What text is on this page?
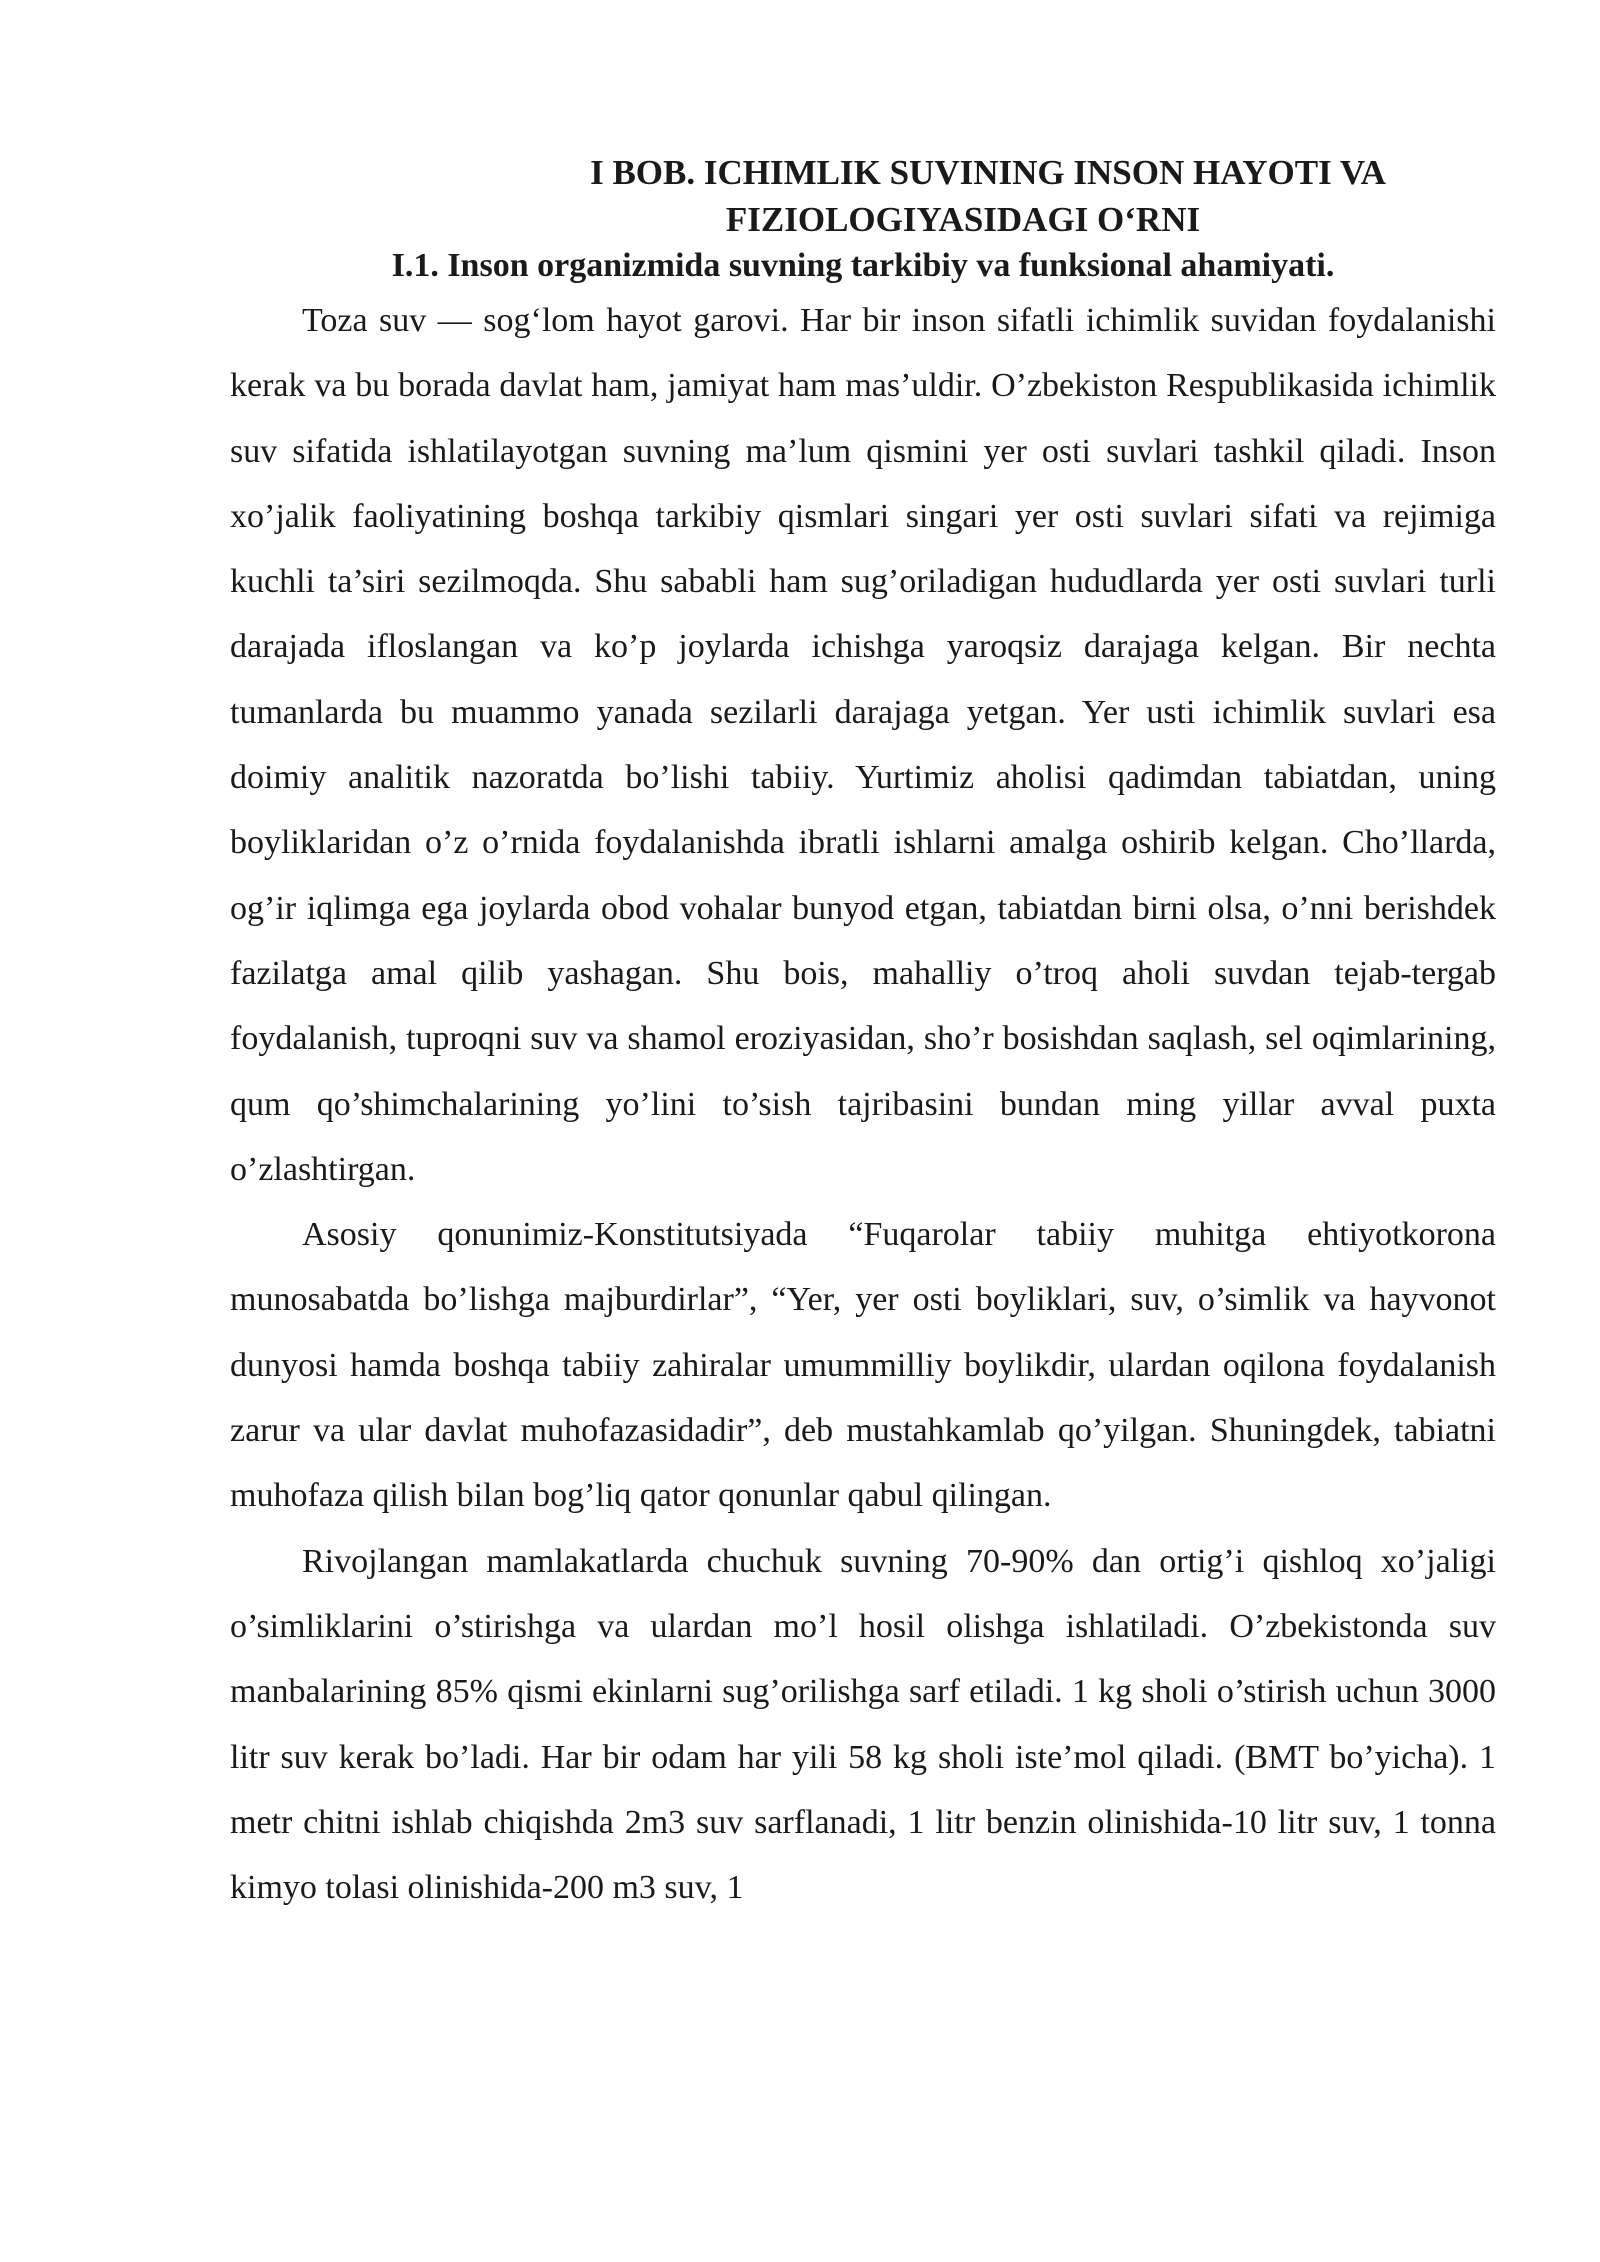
I BOB. ICHIMLIK SUVINING INSON HAYOTI VA
FIZIOLOGIYASIDAGI O‘RNI
I.1. Inson organizmida suvning tarkibiy va funksional ahamiyati.

Toza suv — sog‘lom hayot garovi. Har bir inson sifatli ichimlik suvidan foydalanishi kerak va bu borada davlat ham, jamiyat ham mas’uldir. O’zbekiston Respublikasida ichimlik suv sifatida ishlatilayotgan suvning ma’lum qismini yer osti suvlari tashkil qiladi. Inson xo’jalik faoliyatining boshqa tarkibiy qismlari singari yer osti suvlari sifati va rejimiga kuchli ta’siri sezilmoqda. Shu sababli ham sug’oriladigan hududlarda yer osti suvlari turli darajada ifloslangan va ko’p joylarda ichishga yaroqsiz darajaga kelgan. Bir nechta tumanlarda bu muammo yanada sezilarli darajaga yetgan. Yer usti ichimlik suvlari esa doimiy analitik nazoratda bo’lishi tabiiy. Yurtimiz aholisi qadimdan tabiatdan, uning boyliklaridan o’z o’rnida foydalanishda ibratli ishlarni amalga oshirib kelgan. Cho’llarda, og’ir iqlimga ega joylarda obod vohalar bunyod etgan, tabiatdan birni olsa, o’nni berishdek fazilatga amal qilib yashagan. Shu bois, mahalliy o’troq aholi suvdan tejab-tergab foydalanish, tuproqni suv va shamol eroziyasidan, sho’r bosishdan saqlash, sel oqimlarining, qum qo’shimchalarining yo’lini to’sish tajribasini bundan ming yillar avval puxta o’zlashtirgan.

Asosiy qonunimiz-Konstitutsiyada “Fuqarolar tabiiy muhitga ehtiyotkorona munosabatda bo’lishga majburdirlar”, “Yer, yer osti boyliklari, suv, o’simlik va hayvonot dunyosi hamda boshqa tabiiy zahiralar umummilliy boylikdir, ulardan oqilona foydalanish zarur va ular davlat muhofazasidadir”, deb mustahkamlab qo’yilgan. Shuningdek, tabiatni muhofaza qilish bilan bog’liq qator qonunlar qabul qilingan.

Rivojlangan mamlakatlarda chuchuk suvning 70-90% dan ortig’i qishloq xo’jaligi o’simliklarini o’stirishga va ulardan mo’l hosil olishga ishlatiladi. O’zbekistonda suv manbalarining 85% qismi ekinlarni sug’orilishga sarf etiladi. 1 kg sholi o’stirish uchun 3000 litr suv kerak bo’ladi. Har bir odam har yili 58 kg sholi iste’mol qiladi. (BMT bo’yicha). 1 metr chitni ishlab chiqishda 2m3 suv sarflanadi, 1 litr benzin olinishida-10 litr suv, 1 tonna kimyo tolasi olinishida-200 m3 suv, 1
